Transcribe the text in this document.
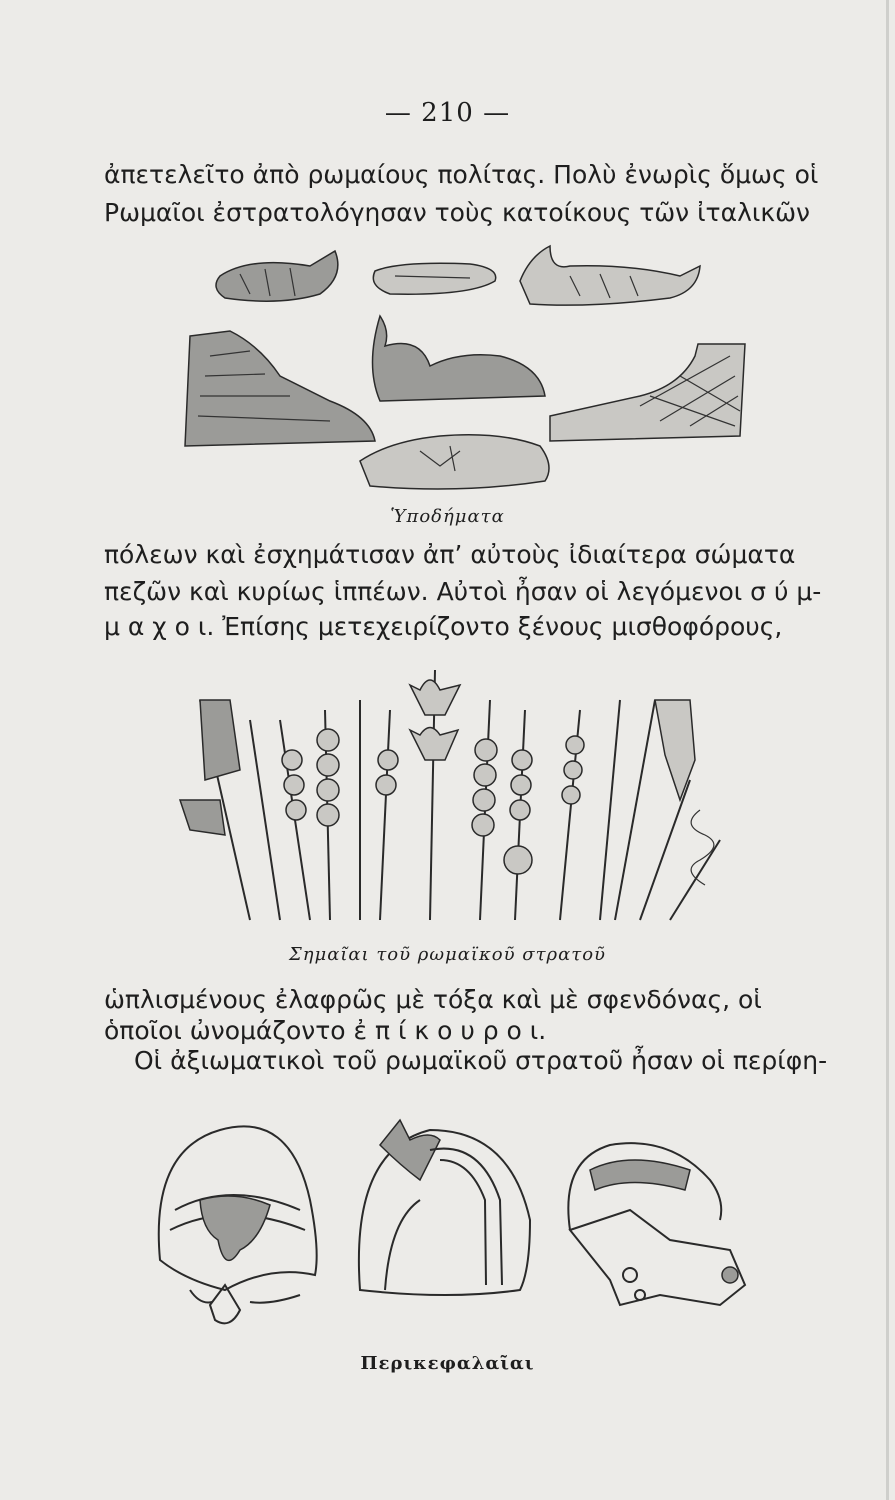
— 210 —
ἀπετελεῖτο ἀπὸ ρωμαίους πολίτας. Πολὺ ἐνωρὶς ὅμως οἱ
Ρωμαῖοι ἐστρατολόγησαν τοὺς κατοίκους τῶν ἰταλικῶν
Ὑποδήματα
πόλεων καὶ ἐσχημάτισαν ἀπ’ αὐτοὺς ἰδιαίτερα σώματα
πεζῶν καὶ κυρίως ἱππέων. Αὐτοὶ ἦσαν οἱ λεγόμενοι σ ύ μ-
μ α χ ο ι. Ἐπίσης μετεχειρίζοντο ξένους μισθοφόρους,
Σημαῖαι τοῦ ρωμαϊκοῦ στρατοῦ
ὡπλισμένους ἐλαφρῶς μὲ τόξα καὶ μὲ σφενδόνας, οἱ
ὁποῖοι ὠνομάζοντο ἐ π ί κ ο υ ρ ο ι.
Οἱ ἀξιωματικοὶ τοῦ ρωμαϊκοῦ στρατοῦ ἦσαν οἱ περίφη-
Περικεφαλαῖαι
